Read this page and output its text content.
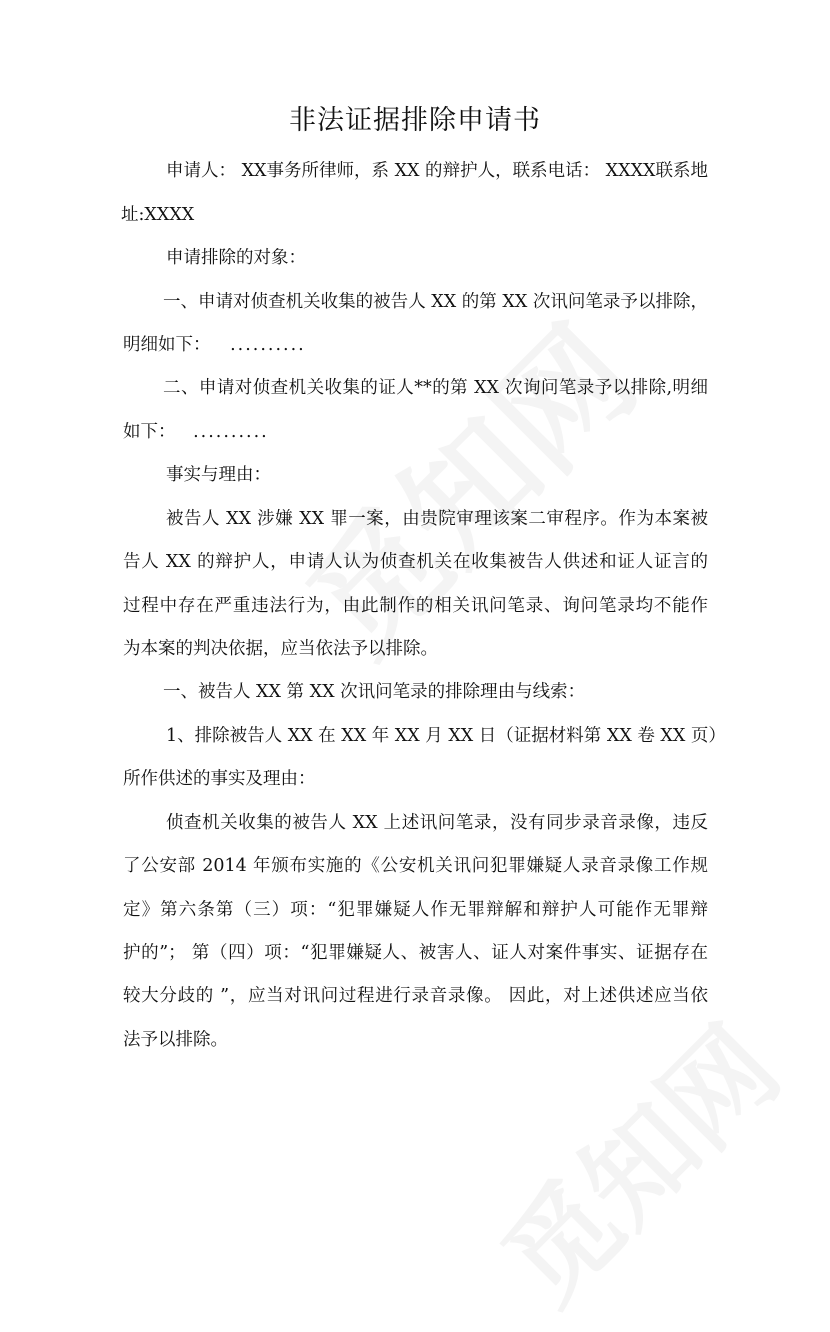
非法证据排除申请书
申请人： XX事务所律师，系 XX 的辩护人，联系电话： XXXX联系地
址:XXXX
申请排除的对象：
一、申请对侦查机关收集的被告人 XX 的第 XX 次讯问笔录予以排除，
明细如下： ..........
二、申请对侦查机关收集的证人**的第 XX 次询问笔录予以排除,明细
如下： ..........
事实与理由：
被告人 XX 涉嫌 XX 罪一案，由贵院审理该案二审程序。作为本案被
告人 XX 的辩护人，申请人认为侦查机关在收集被告人供述和证人证言的
过程中存在严重违法行为，由此制作的相关讯问笔录、询问笔录均不能作
为本案的判决依据，应当依法予以排除。
一、被告人 XX 第 XX 次讯问笔录的排除理由与线索：
1、排除被告人 XX 在 XX 年 XX 月 XX 日（证据材料第 XX 卷 XX 页）
所作供述的事实及理由：
侦查机关收集的被告人 XX 上述讯问笔录，没有同步录音录像，违反
了公安部 2014 年颁布实施的《公安机关讯问犯罪嫌疑人录音录像工作规
定》第六条第（三）项：“犯罪嫌疑人作无罪辩解和辩护人可能作无罪辩
护的”； 第（四）项：“犯罪嫌疑人、被害人、证人对案件事实、证据存在
较大分歧的 ”，应当对讯问过程进行录音录像。 因此，对上述供述应当依
法予以排除。
